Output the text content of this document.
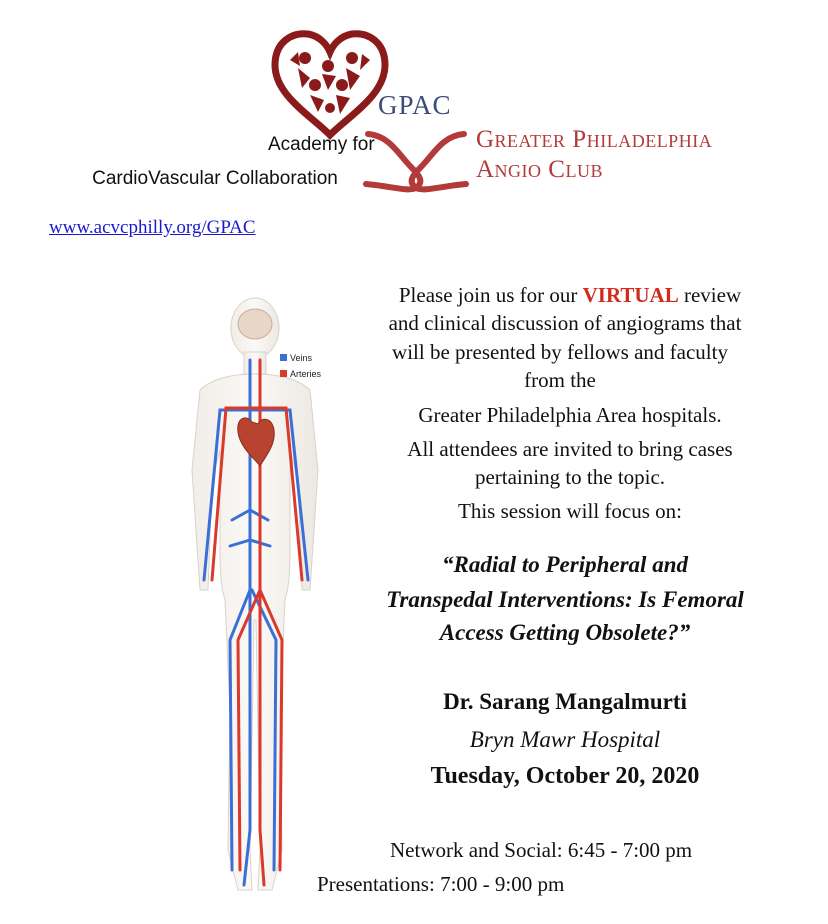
Academy for
CardioVascular Collaboration
GPAC
Greater Philadelphia
Angio Club
www.acvcphilly.org/GPAC
Veins
Arteries
Please join us for our VIRTUAL review
and clinical discussion of angiograms that
will be presented by fellows and faculty
from the
Greater Philadelphia Area hospitals.
All attendees are invited to bring cases
pertaining to the topic.
This session will focus on:
“Radial to Peripheral and
Transpedal Interventions: Is Femoral
Access Getting Obsolete?”
Dr. Sarang Mangalmurti
Bryn Mawr Hospital
Tuesday, October 20, 2020
Network and Social: 6:45 - 7:00 pm
Presentations: 7:00 - 9:00 pm
